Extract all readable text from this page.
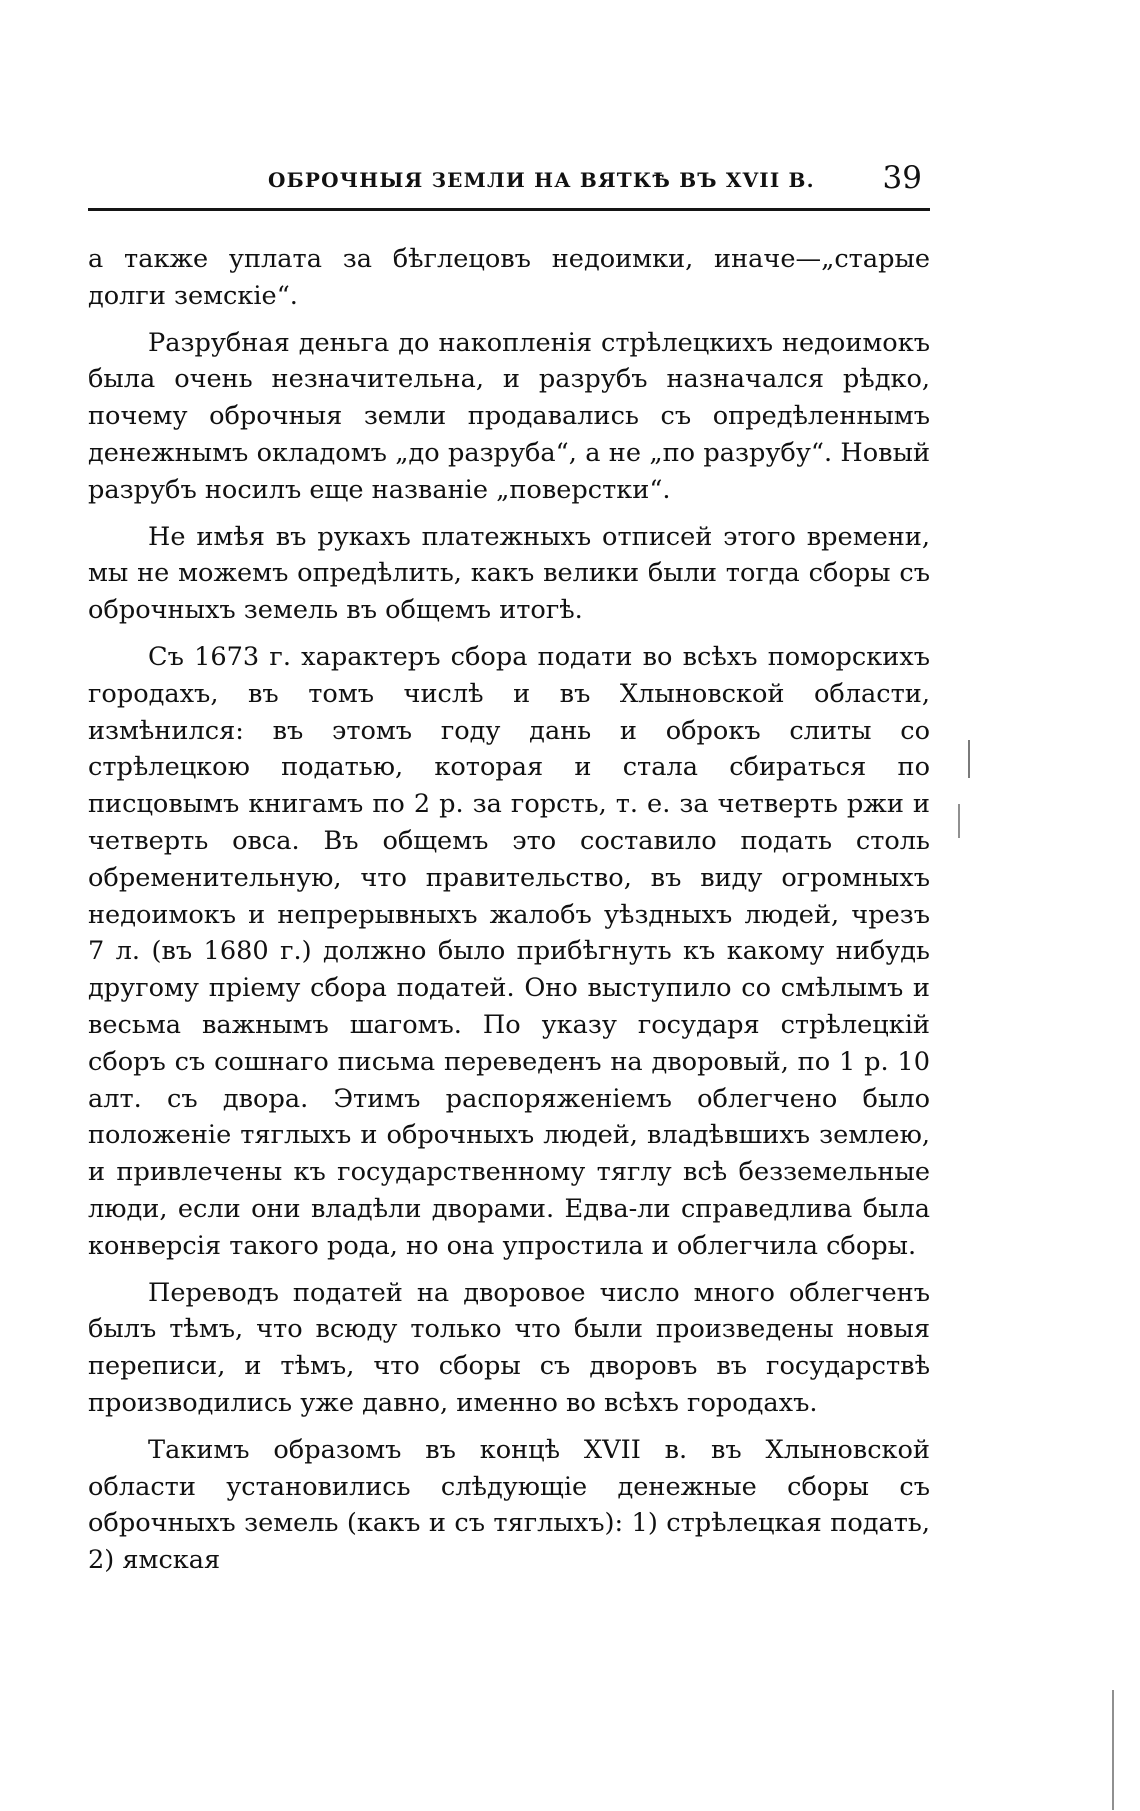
ОБРОЧНЫЯ ЗЕМЛИ НА ВЯТКѢ ВЪ XVII В. 39

а также уплата за бѣглецовъ недоимки, иначе—„старые долги земскіе“.

Разрубная деньга до накопленія стрѣлецкихъ недоимокъ была очень незначительна, и разрубъ назначался рѣдко, почему оброчныя земли продавались съ опредѣленнымъ денежнымъ окладомъ „до разруба“, а не „по разрубу“. Новый разрубъ носилъ еще названіе „поверстки“.

Не имѣя въ рукахъ платежныхъ отписей этого времени, мы не можемъ опредѣлить, какъ велики были тогда сборы съ оброчныхъ земель въ общемъ итогѣ.

Съ 1673 г. характеръ сбора подати во всѣхъ поморскихъ городахъ, въ томъ числѣ и въ Хлыновской области, измѣнился: въ этомъ году дань и оброкъ слиты со стрѣлецкою податью, которая и стала сбираться по писцовымъ книгамъ по 2 р. за горсть, т. е. за четверть ржи и четверть овса. Въ общемъ это составило подать столь обременительную, что правительство, въ виду огромныхъ недоимокъ и непрерывныхъ жалобъ уѣздныхъ людей, чрезъ 7 л. (въ 1680 г.) должно было прибѣгнуть къ какому нибудь другому пріему сбора податей. Оно выступило со смѣлымъ и весьма важнымъ шагомъ. По указу государя стрѣлецкій сборъ съ сошнаго письма переведенъ на дворовый, по 1 р. 10 алт. съ двора. Этимъ распоряженіемъ облегчено было положеніе тяглыхъ и оброчныхъ людей, владѣвшихъ землею, и привлечены къ государственному тяглу всѣ безземельные люди, если они владѣли дворами. Едва-ли справедлива была конверсія такого рода, но она упростила и облегчила сборы.

Переводъ податей на дворовое число много облегченъ былъ тѣмъ, что всюду только что были произведены новыя переписи, и тѣмъ, что сборы съ дворовъ въ государствѣ производились уже давно, именно во всѣхъ городахъ.

Такимъ образомъ въ концѣ XVII в. въ Хлыновской области установились слѣдующіе денежные сборы съ оброчныхъ земель (какъ и съ тяглыхъ): 1) стрѣлецкая подать, 2) ямская
